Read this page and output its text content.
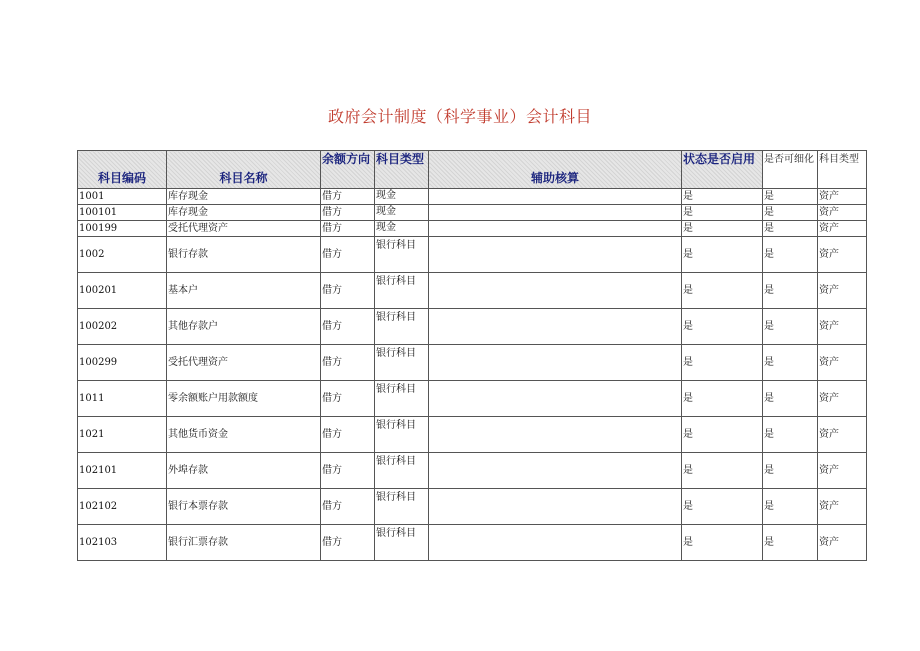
政府会计制度（科学事业）会计科目
科目编码	科目名称	余额方向	科目类型	辅助核算	状态是否启用	是否可细化	科目类型
1001	库存现金	借方	现金		是	是	资产
100101	库存现金	借方	现金		是	是	资产
100199	受托代理资产	借方	现金		是	是	资产
1002	银行存款	借方	银行科目		是	是	资产
100201	基本户	借方	银行科目		是	是	资产
100202	其他存款户	借方	银行科目		是	是	资产
100299	受托代理资产	借方	银行科目		是	是	资产
1011	零余额账户用款额度	借方	银行科目		是	是	资产
1021	其他货币资金	借方	银行科目		是	是	资产
102101	外埠存款	借方	银行科目		是	是	资产
102102	银行本票存款	借方	银行科目		是	是	资产
102103	银行汇票存款	借方	银行科目		是	是	资产
